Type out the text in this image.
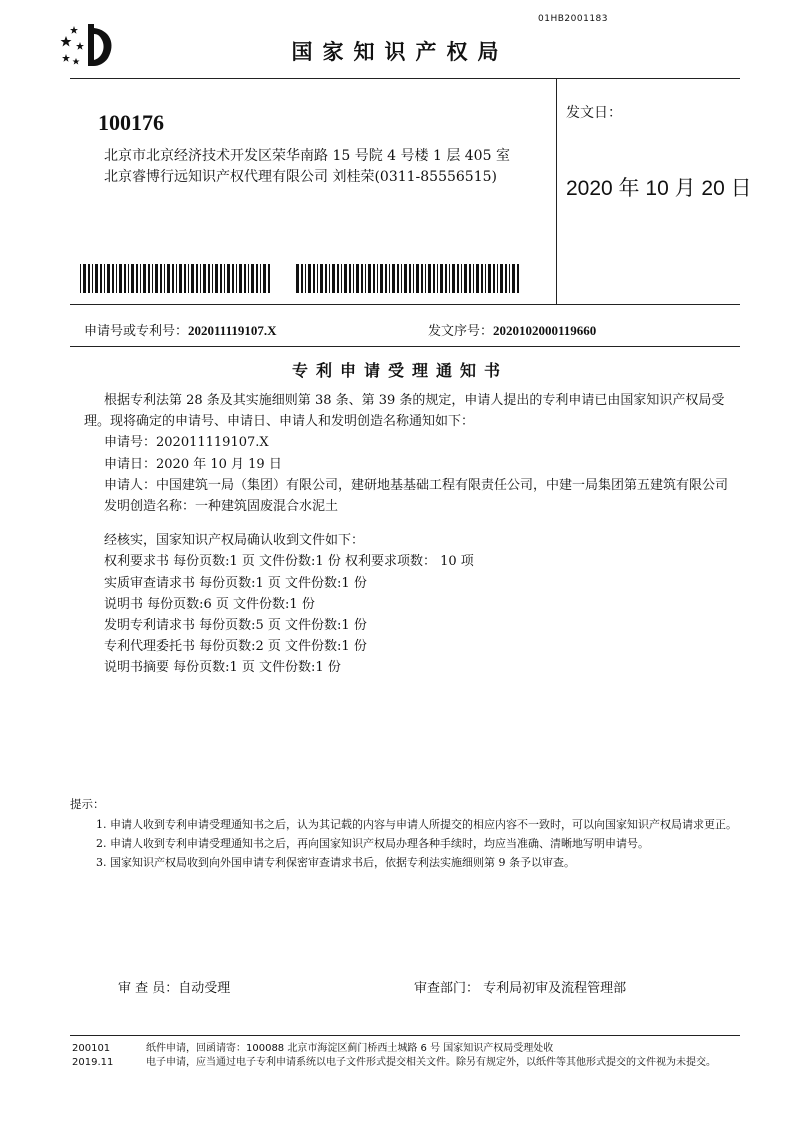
01HB2001183
国家知识产权局
100176
北京市北京经济技术开发区荣华南路 15 号院 4 号楼 1 层 405 室
北京睿博行远知识产权代理有限公司 刘桂荣(0311-85556515)
发文日：
2020 年 10 月 20 日
申请号或专利号：202011119107.X	发文序号：2020102000119660
专利申请受理通知书

根据专利法第 28 条及其实施细则第 38 条、第 39 条的规定，申请人提出的专利申请已由国家知识产权局受理。现将确定的申请号、申请日、申请人和发明创造名称通知如下：

申请号：202011119107.X

申请日：2020 年 10 月 19 日

申请人：中国建筑一局（集团）有限公司，建研地基基础工程有限责任公司，中建一局集团第五建筑有限公司

发明创造名称：一种建筑固废混合水泥土

经核实，国家知识产权局确认收到文件如下：

权利要求书 每份页数:1 页 文件份数:1 份 权利要求项数： 10 项

实质审查请求书 每份页数:1 页 文件份数:1 份

说明书 每份页数:6 页 文件份数:1 份

发明专利请求书 每份页数:5 页 文件份数:1 份

专利代理委托书 每份页数:2 页 文件份数:1 份

说明书摘要 每份页数:1 页 文件份数:1 份

提示：

1. 申请人收到专利申请受理通知书之后，认为其记载的内容与申请人所提交的相应内容不一致时，可以向国家知识产权局请求更正。

2. 申请人收到专利申请受理通知书之后，再向国家知识产权局办理各种手续时，均应当准确、清晰地写明申请号。

3. 国家知识产权局收到向外国申请专利保密审查请求书后，依据专利法实施细则第 9 条予以审查。

审 查 员：自动受理	审查部门： 专利局初审及流程管理部
200101
2019.11
纸件申请，回函请寄：100088 北京市海淀区蓟门桥西土城路 6 号 国家知识产权局受理处收
电子申请，应当通过电子专利申请系统以电子文件形式提交相关文件。除另有规定外，以纸件等其他形式提交的文件视为未提交。
